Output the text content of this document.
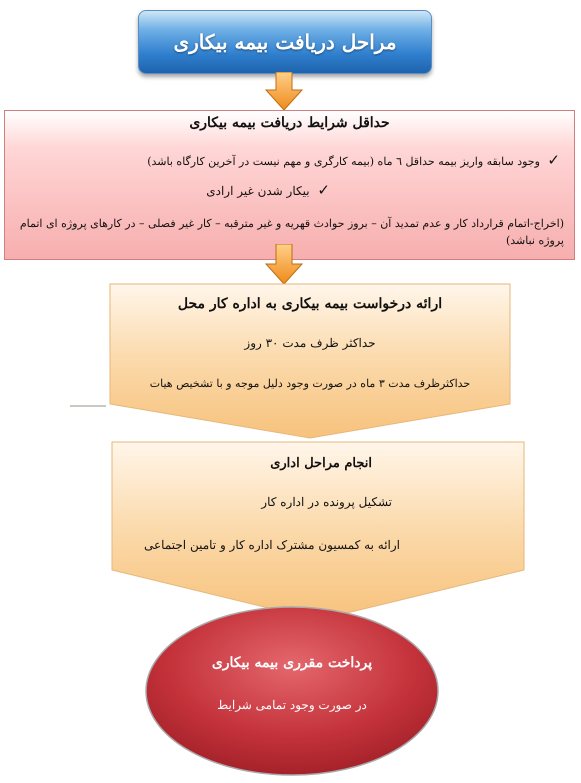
مراحل دریافت بیمه بیکاری
حداقل شرایط دریافت بیمه بیکاری
✓ وجود سابقه واریز بیمه حداقل ٦ ماه (بیمه کارگری و مهم نیست در آخرین کارگاه باشد)
✓ بیکار شدن غیر ارادی
(اخراج-اتمام قرارداد کار و عدم تمدید آن – بروز حوادث قهریه و غیر مترقبه – کار غیر فصلی – در کارهای پروژه ای اتمام پروژه نباشد)
ارائه درخواست بیمه بیکاری به اداره کار محل
حداکثر ظرف مدت ٣٠ روز
حداکثرظرف مدت ٣ ماه در صورت وجود دلیل موجه و با تشخیص هیات
انجام مراحل اداری
تشکیل پرونده در اداره کار
ارائه به کمسیون مشترک اداره کار و تامین اجتماعی
پرداخت مقرری بیمه بیکاری
در صورت وجود تمامی شرایط
